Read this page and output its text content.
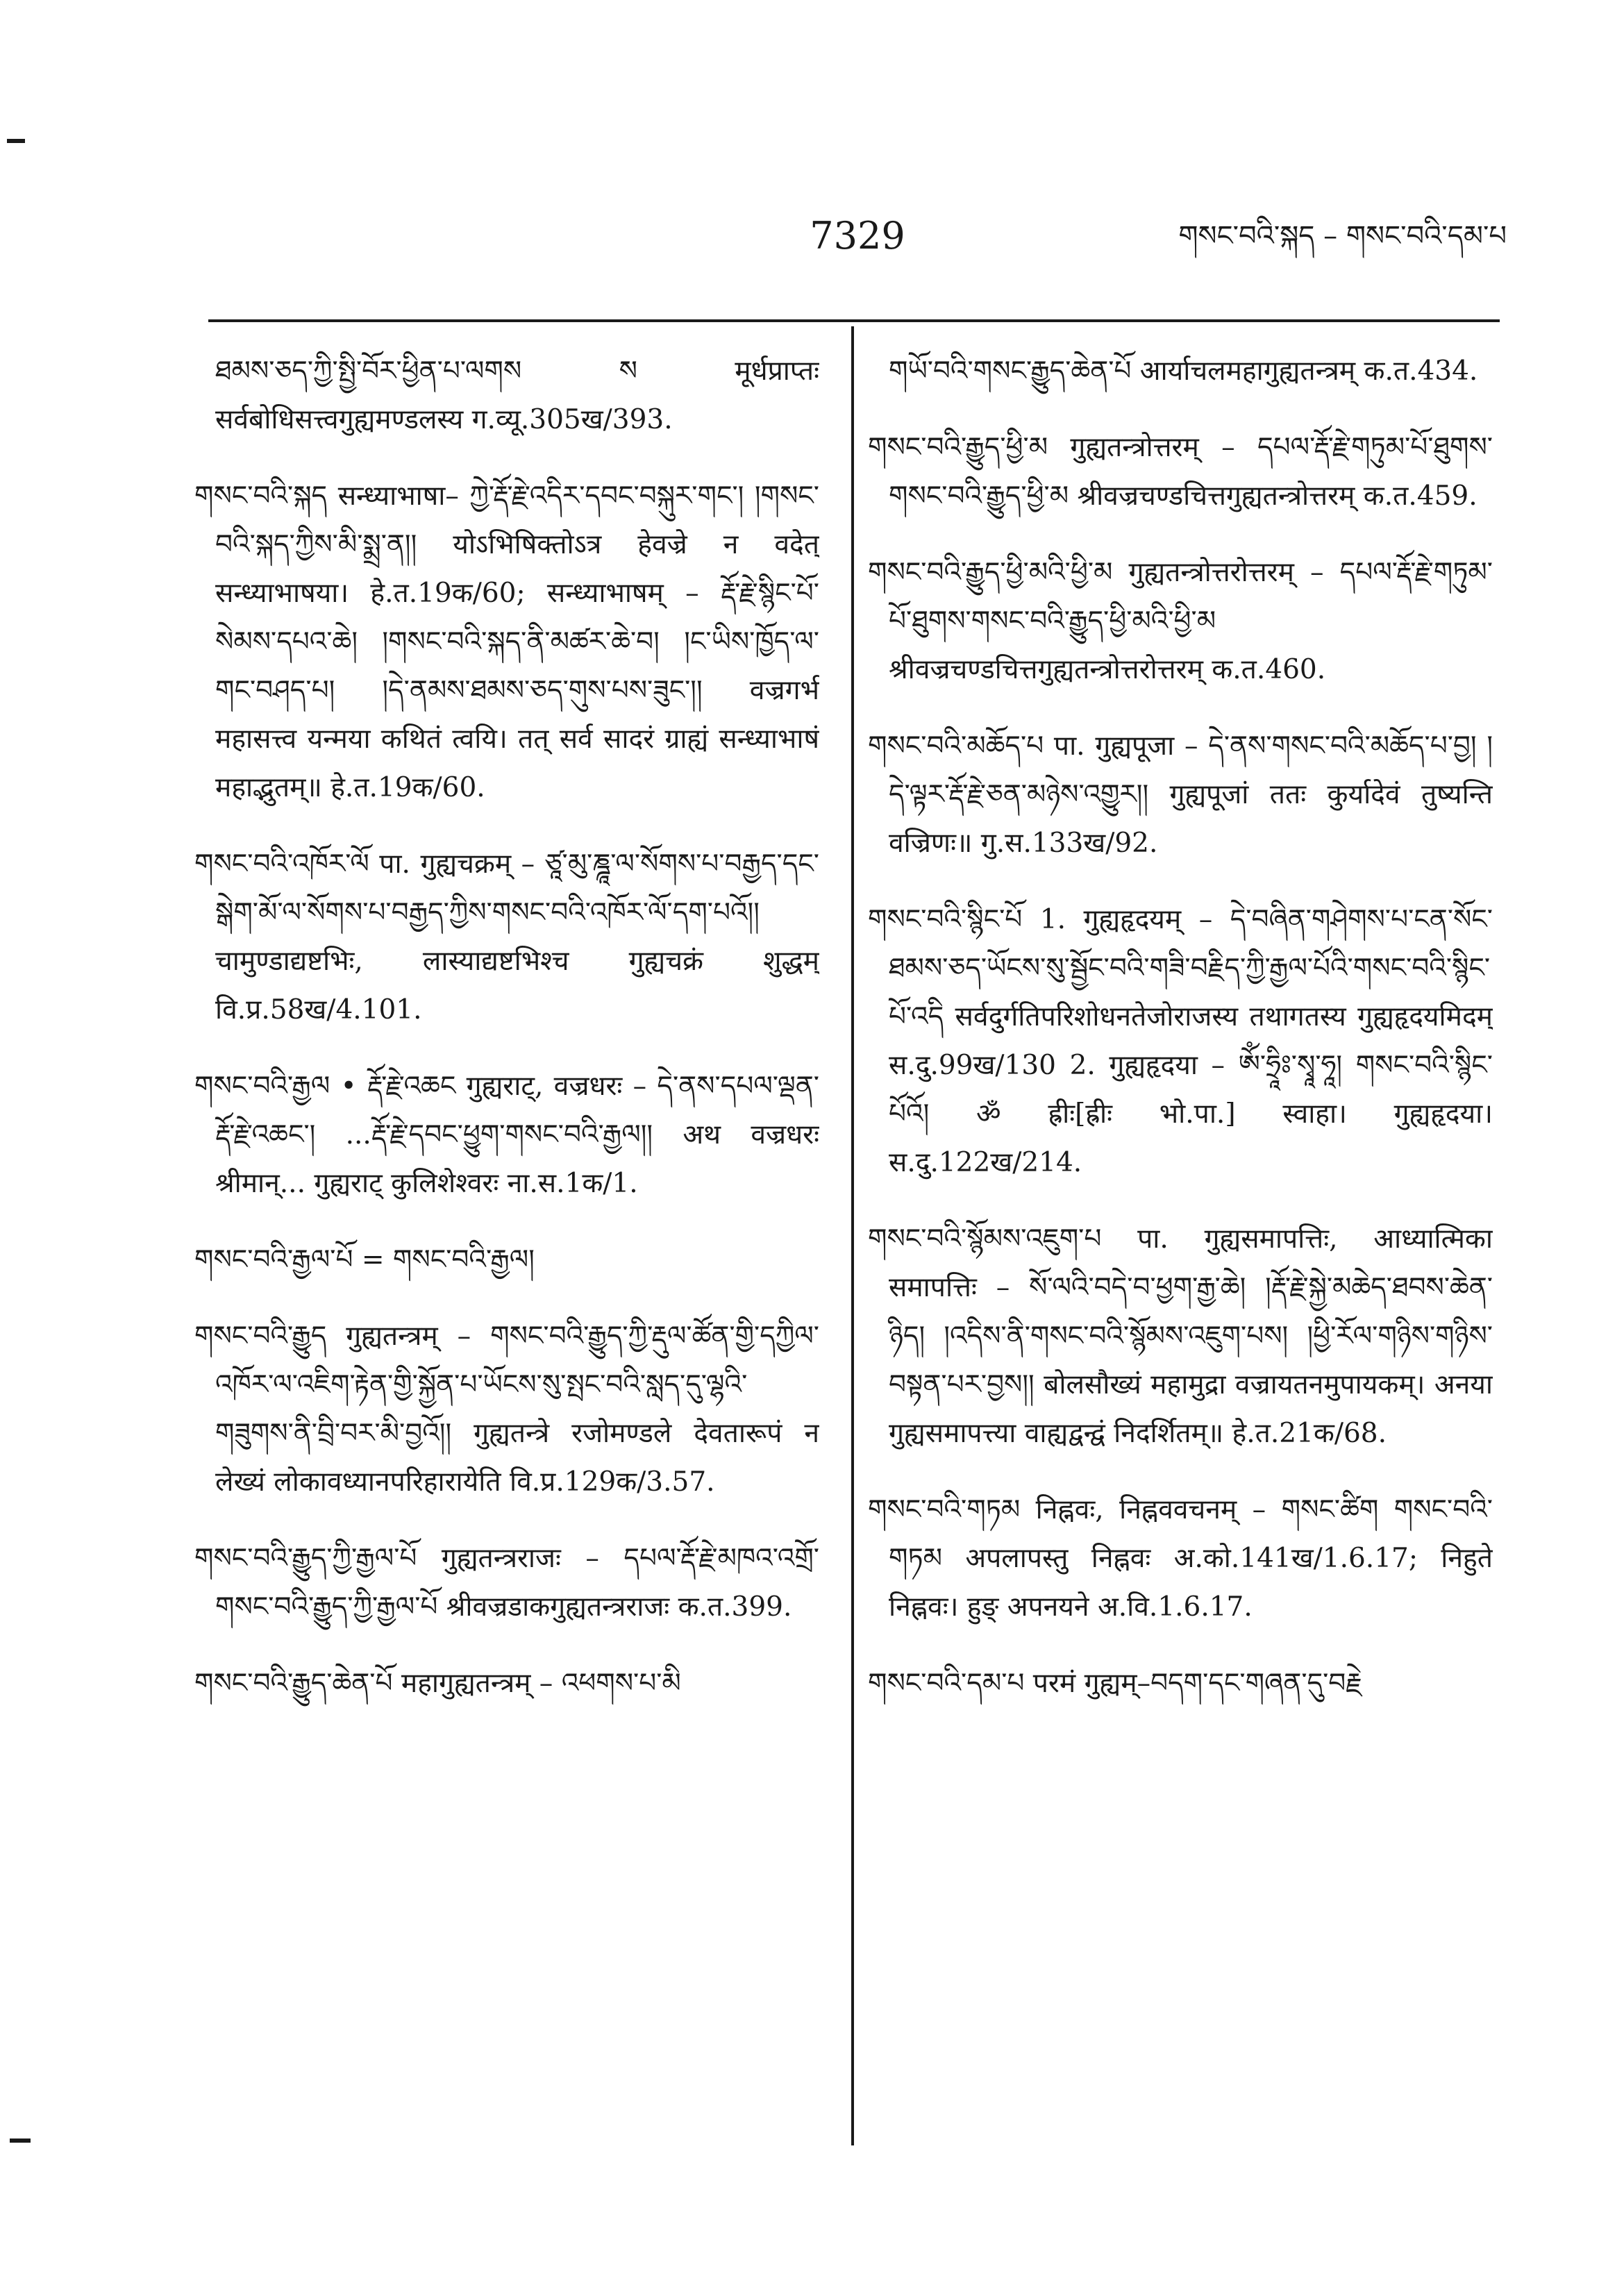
7329	གསང་བའི་སྐད – གསང་བའི་དམ་པ

ཐམས་ཅད་ཀྱི་སྤྱི་བོར་ཕྱིན་པ་ལགས ས मूर्धप्राप्तः सर्वबोधिसत्त्वगुह्यमण्डलस्य ग.व्यू.305ख/393.

གསང་བའི་སྐད सन्ध्याभाषा– ཀྱེ་རྡོ་རྗེ་འདིར་དབང་བསྐུར་གང་། །གསང་བའི་སྐད་ཀྱིས་མི་སྨྲ་ན།། योऽभिषिक्तोऽत्र हेवज्रे न वदेत् सन्ध्याभाषया। हे.त.19क/60; सन्ध्याभाषम् – རྡོ་རྗེ་སྙིང་པོ་སེམས་དཔའ་ཆེ། །གསང་བའི་སྐད་ནི་མཚར་ཆེ་བ། །ང་ཡིས་ཁྱོད་ལ་གང་བཤད་པ། །དེ་ནམས་ཐམས་ཅད་གུས་པས་ཟུང་།། वज्रगर्भ महासत्त्व यन्मया कथितं त्वयि। तत् सर्व सादरं ग्राह्यं सन्ध्याभाषं महाद्भुतम्॥ हे.त.19क/60.

གསང་བའི་འཁོར་ལོ पा. गुह्यचक्रम् – ཙཱ་མུ་ཎྜཱ་ལ་སོགས་པ་བརྒྱད་དང་སྒེག་མོ་ལ་སོགས་པ་བརྒྱད་ཀྱིས་གསང་བའི་འཁོར་ལོ་དག་པའོ།། चामुण्डाद्यष्टभिः, लास्याद्यष्टभिश्च गुह्यचक्रं शुद्धम् वि.प्र.58ख/4.101.

གསང་བའི་རྒྱལ • རྡོ་རྗེ་འཆང गुह्यराट्, वज्रधरः – དེ་ནས་དཔལ་ལྡན་རྡོ་རྗེ་འཆང་། ...རྡོ་རྗེ་དབང་ཕྱུག་གསང་བའི་རྒྱལ།། अथ वज्रधरः श्रीमान्... गुह्यराट् कुलिशेश्वरः ना.स.1क/1.

གསང་བའི་རྒྱལ་པོ = གསང་བའི་རྒྱལ།

གསང་བའི་རྒྱུད गुह्यतन्त्रम् – གསང་བའི་རྒྱུད་ཀྱི་རྡུལ་ཚོན་གྱི་དཀྱིལ་འཁོར་ལ་འཇིག་རྟེན་གྱི་སྐྱོན་པ་ཡོངས་སུ་སྤང་བའི་སླད་དུ་ལྷའི་གཟུགས་ནི་བྲི་བར་མི་བྱའོ།། गुह्यतन्त्रे रजोमण्डले देवतारूपं न लेख्यं लोकावध्यानपरिहारायेति वि.प्र.129क/3.57.

གསང་བའི་རྒྱུད་ཀྱི་རྒྱལ་པོ गुह्यतन्त्रराजः – དཔལ་རྡོ་རྗེ་མཁའ་འགྲོ་གསང་བའི་རྒྱུད་ཀྱི་རྒྱལ་པོ श्रीवज्रडाकगुह्यतन्त्रराजः क.त.399.

གསང་བའི་རྒྱུད་ཆེན་པོ महागुह्यतन्त्रम् – འཕགས་པ་མི

གཡོ་བའི་གསང་རྒྱུད་ཆེན་པོ आर्याचलमहागुह्यतन्त्रम् क.त.434.

གསང་བའི་རྒྱུད་ཕྱི་མ गुह्यतन्त्रोत्तरम् – དཔལ་རྡོ་རྗེ་གཏུམ་པོ་ཐུགས་གསང་བའི་རྒྱུད་ཕྱི་མ श्रीवज्रचण्डचित्तगुह्यतन्त्रोत्तरम् क.त.459.

གསང་བའི་རྒྱུད་ཕྱི་མའི་ཕྱི་མ गुह्यतन्त्रोत्तरोत्तरम् – དཔལ་རྡོ་རྗེ་གཏུམ་པོ་ཐུགས་གསང་བའི་རྒྱུད་ཕྱི་མའི་ཕྱི་མ श्रीवज्रचण्डचित्तगुह्यतन्त्रोत्तरोत्तरम् क.त.460.

གསང་བའི་མཆོད་པ पा. गुह्यपूजा – དེ་ནས་གསང་བའི་མཆོད་པ་བྱ། །དེ་ལྟར་རྡོ་རྗེ་ཅན་མཉེས་འགྱུར།། गुह्यपूजां ततः कुर्यादेवं तुष्यन्ति वज्रिणः॥ गु.स.133ख/92.

གསང་བའི་སྙིང་པོ 1. गुह्यहृदयम् – དེ་བཞིན་གཤེགས་པ་ངན་སོང་ཐམས་ཅད་ཡོངས་སུ་སྦྱོང་བའི་གཟི་བརྗིད་ཀྱི་རྒྱལ་པོའི་གསང་བའི་སྙིང་པོ་འདི सर्वदुर्गतिपरिशोधनतेजोराजस्य तथागतस्य गुह्यहृदयमिदम् स.दु.99ख/130 2. गुह्यहृदया – ཨོཾ་ཧྲཱིཿ་སྭཱ་ཧཱ། གསང་བའི་སྙིང་པོའོ། ॐ ह्रीः[ह्रीः भो.पा.] स्वाहा। गुह्यहृदया। स.दु.122ख/214.

གསང་བའི་སྙོམས་འཇུག་པ पा. गुह्यसमापत्तिः, आध्यात्मिका समापत्तिः – སོ་ལའི་བདེ་བ་ཕྱག་རྒྱ་ཆེ། །རྡོ་རྗེ་སྐྱེ་མཆེད་ཐབས་ཆེན་ཉིད། །འདིས་ནི་གསང་བའི་སྙོམས་འཇུག་པས། །ཕྱི་རོལ་གཉིས་གཉིས་བསྟན་པར་བྱས།། बोलसौख्यं महामुद्रा वज्रायतनमुपायकम्। अनया गुह्यसमापत्त्या वाह्यद्वन्द्वं निदर्शितम्॥ हे.त.21क/68.

གསང་བའི་གཏམ निह्नवः, निह्नववचनम् – གསང་ཚིག གསང་བའི་གཏམ अपलापस्तु निह्नवः अ.को.141ख/1.6.17; निहुते निह्नवः। हुङ् अपनयने अ.वि.1.6.17.

གསང་བའི་དམ་པ परमं गुह्यम्–བདག་དང་གཞན་དུ་བརྗེ
